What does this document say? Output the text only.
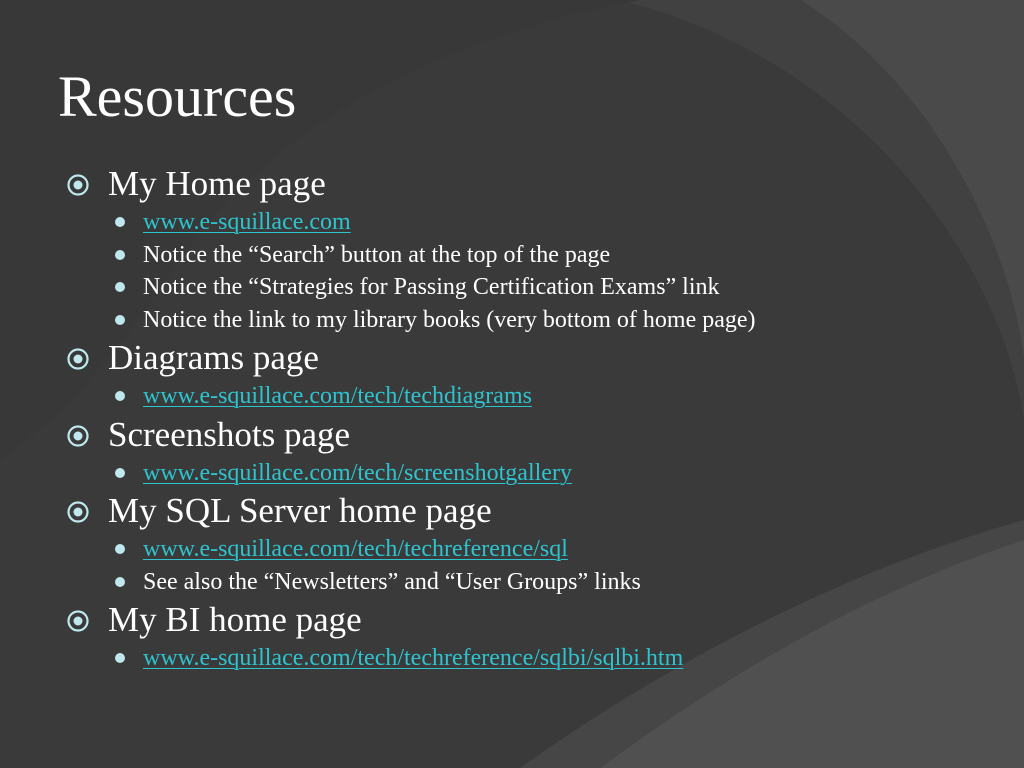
Resources
My Home page
www.e-squillace.com
Notice the “Search” button at the top of the page
Notice the “Strategies for Passing Certification Exams” link
Notice the link to my library books (very bottom of home page)
Diagrams page
www.e-squillace.com/tech/techdiagrams
Screenshots page
www.e-squillace.com/tech/screenshotgallery
My SQL Server home page
www.e-squillace.com/tech/techreference/sql
See also the “Newsletters” and “User Groups” links
My BI home page
www.e-squillace.com/tech/techreference/sqlbi/sqlbi.htm
